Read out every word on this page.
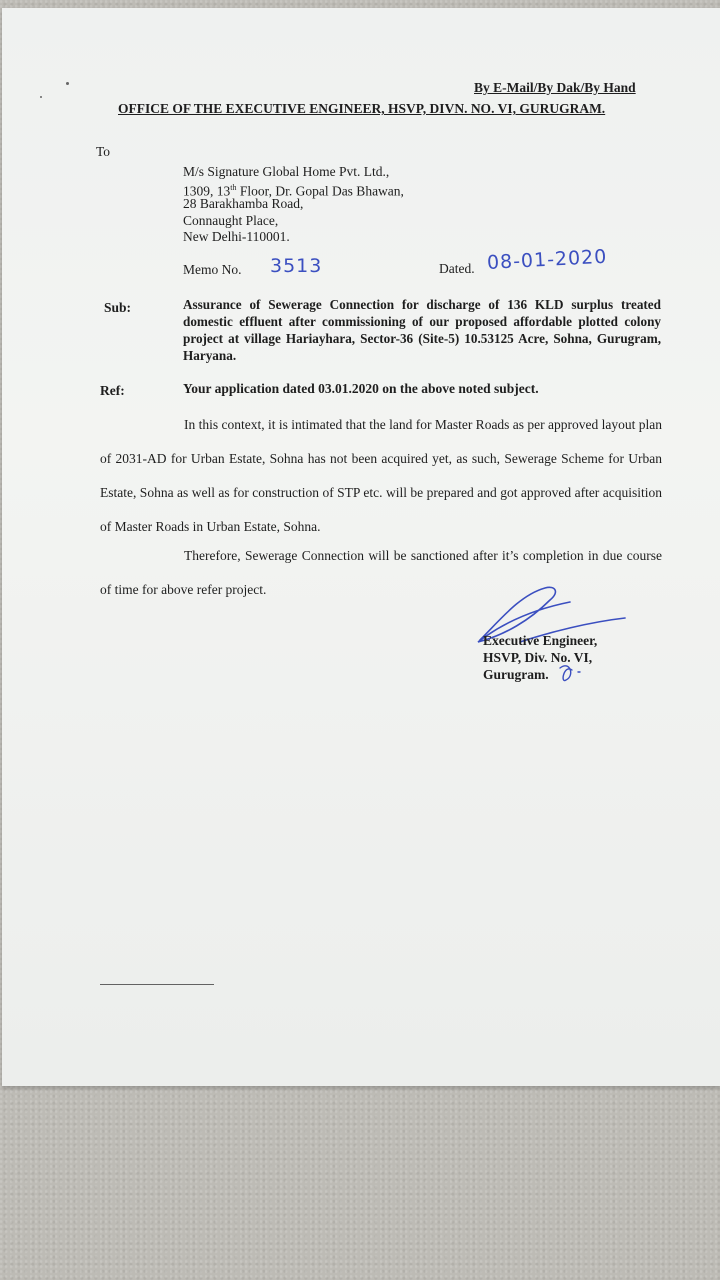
By E-Mail/By Dak/By Hand
OFFICE OF THE EXECUTIVE ENGINEER, HSVP, DIVN. NO. VI, GURUGRAM.
To
M/s Signature Global Home Pvt. Ltd.,
1309, 13th Floor, Dr. Gopal Das Bhawan,
28 Barakhamba Road,
Connaught Place,
New Delhi-110001.
Memo No. 3513	Dated. 08-01-2020
Sub:	Assurance of Sewerage Connection for discharge of 136 KLD surplus treated domestic effluent after commissioning of our proposed affordable plotted colony project at village Hariayhara, Sector-36 (Site-5) 10.53125 Acre, Sohna, Gurugram, Haryana.
Ref:	Your application dated 03.01.2020 on the above noted subject.
In this context, it is intimated that the land for Master Roads as per approved layout plan of 2031-AD for Urban Estate, Sohna has not been acquired yet, as such, Sewerage Scheme for Urban Estate, Sohna as well as for construction of STP etc. will be prepared and got approved after acquisition of Master Roads in Urban Estate, Sohna.
Therefore, Sewerage Connection will be sanctioned after it’s completion in due course of time for above refer project.
Executive Engineer,
HSVP, Div. No. VI,
Gurugram.
▬▬▬▬▬▬▬▬▬▬▬▬▬▬▬▬▬▬▬▬▬▬▬▬▬▬▬▬▬▬▬▬▬▬▬▬▬▬
